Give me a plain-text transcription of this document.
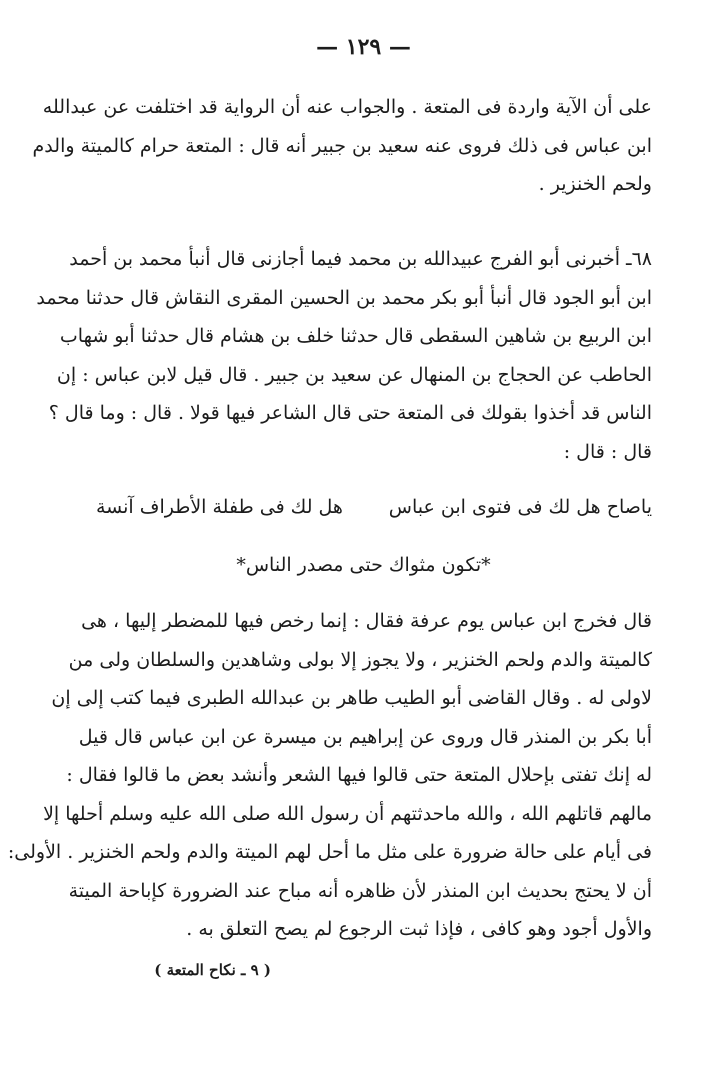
— ١٢٩ —
على أن الآية واردة فى المتعة . والجواب عنه أن الرواية قد اختلفت عن عبدالله
ابن عباس فى ذلك فروى عنه سعيد بن جبير أنه قال : المتعة حرام كالميتة والدم
ولحم الخنزير .
٦٨ـ أخبرنى أبو الفرج عبيدالله بن محمد فيما أجازنى قال أنبأ محمد بن أحمد
ابن أبو الجود قال أنبأ أبو بكر محمد بن الحسين المقرى النقاش قال حدثنا محمد
ابن الربيع بن شاهين السقطى قال حدثنا خلف بن هشام قال حدثنا أبو شهاب
الحاطب عن الحجاج بن المنهال عن سعيد بن جبير . قال قيل لابن عباس : إن
الناس قد أخذوا بقولك فى المتعة حتى قال الشاعر فيها قولا . قال : وما قال ؟
قال : قال :
ياصاح هل لك فى فتوى ابن عباس
هل لك فى طفلة الأطراف آنسة
*تكون مثواك حتى مصدر الناس*
قال فخرج ابن عباس يوم عرفة فقال : إنما رخص فيها للمضطر إليها ، هى
كالميتة والدم ولحم الخنزير ، ولا يجوز إلا بولى وشاهدين والسلطان ولى من
لاولى له . وقال القاضى أبو الطيب طاهر بن عبدالله الطبرى فيما كتب إلى إن
أبا بكر بن المنذر قال وروى عن إبراهيم بن ميسرة عن ابن عباس قال قيل
له إنك تفتى بإحلال المتعة حتى قالوا فيها الشعر وأنشد بعض ما قالوا فقال :
مالهم قاتلهم الله ، والله ماحدثتهم أن رسول الله صلى الله عليه وسلم أحلها إلا
فى أيام على حالة ضرورة على مثل ما أحل لهم الميتة والدم ولحم الخنزير . الأولى:
أن لا يحتج بحديث ابن المنذر لأن ظاهره أنه مباح عند الضرورة كإباحة الميتة
والأول أجود وهو كافى ، فإذا ثبت الرجوع لم يصح التعلق به .
( ٩ ـ نكاح المتعة )
